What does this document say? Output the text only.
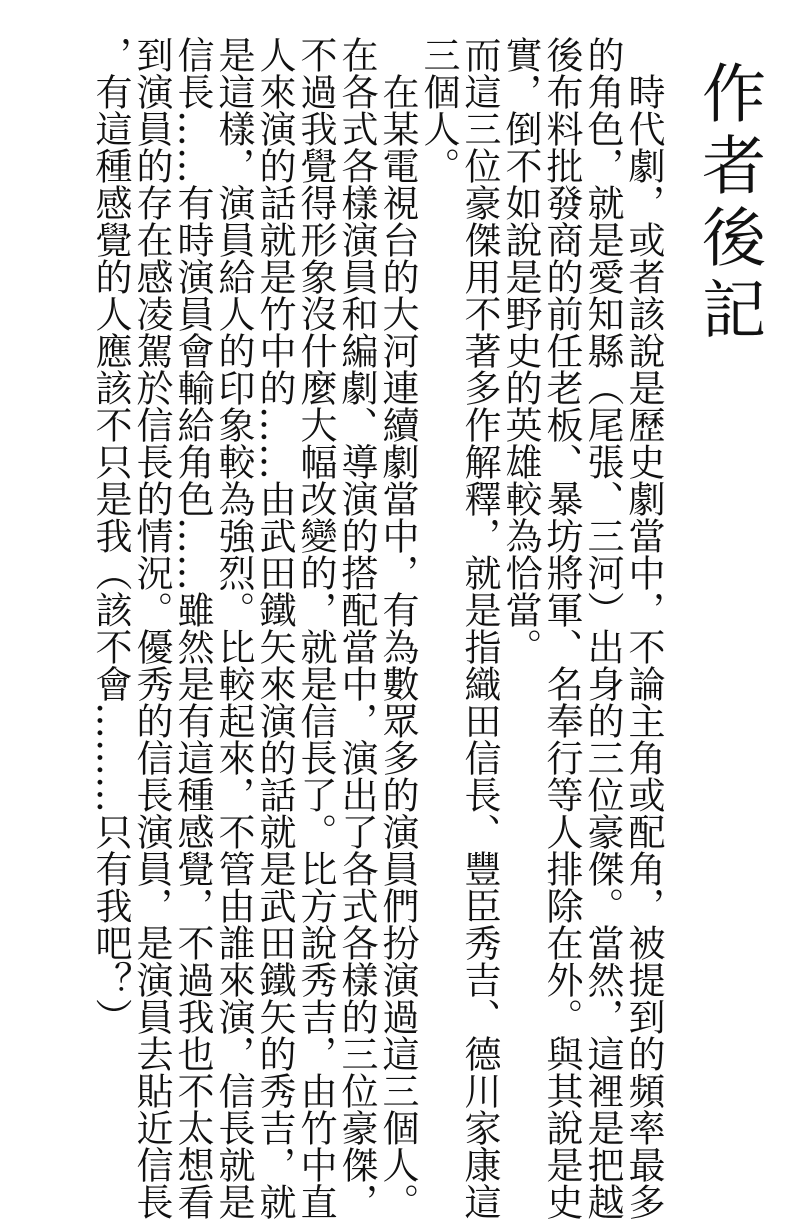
作者後記
　時代劇，或者該說是歷史劇當中，不論主角或配角，被提到的頻率最多
的角色，就是愛知縣（尾張、三河）出身的三位豪傑。當然，這裡是把越
後布料批發商的前任老板、暴坊將軍、名奉行等人排除在外。與其說是史
實，倒不如說是野史的英雄較為恰當。
而這三位豪傑用不著多作解釋，就是指織田信長、豐臣秀吉、德川家康這
三個人。
　在某電視台的大河連續劇當中，有為數眾多的演員們扮演過這三個人。
在各式各樣演員和編劇、導演的搭配當中，演出了各式各樣的三位豪傑，
不過我覺得形象沒什麼大幅改變的，就是信長了。比方說秀吉，由竹中直
人來演的話就是竹中的……由武田鐵矢來演的話就是武田鐵矢的秀吉，就
是這樣，演員給人的印象較為強烈。比較起來，不管由誰來演，信長就是
信長……有時演員會輸給角色……雖然是有這種感覺，不過我也不太想看
到演員的存在感凌駕於信長的情況。優秀的信長演員，是演員去貼近信長
，有這種感覺的人應該不只是我（該不會………只有我吧？）
